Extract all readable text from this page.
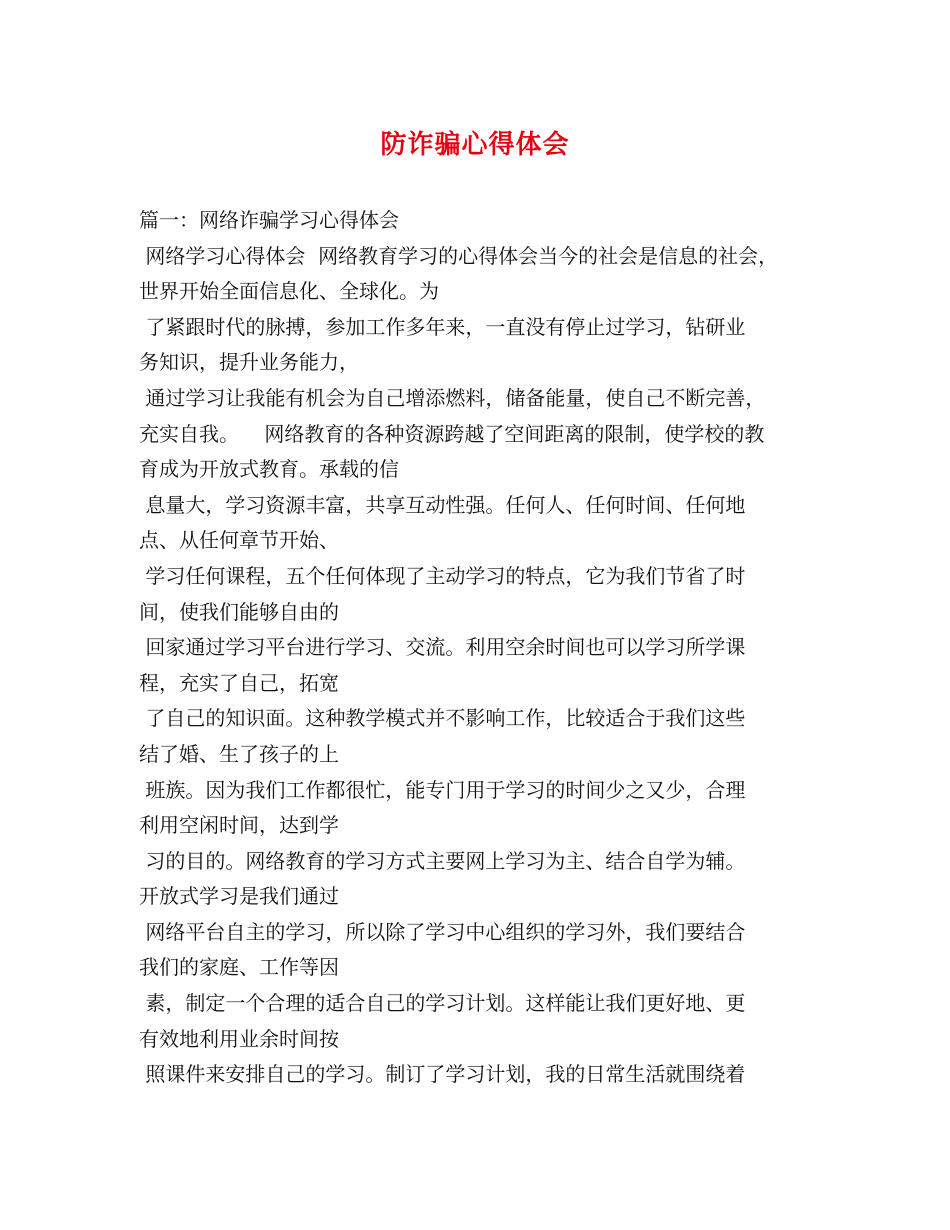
防诈骗心得体会
篇一：网络诈骗学习心得体会
网络学习心得体会  网络教育学习的心得体会当今的社会是信息的社会，
世界开始全面信息化、全球化。为
了紧跟时代的脉搏，参加工作多年来，一直没有停止过学习，钻研业
务知识，提升业务能力，
通过学习让我能有机会为自己增添燃料，储备能量，使自己不断完善，
充实自我。    网络教育的各种资源跨越了空间距离的限制，使学校的教
育成为开放式教育。承载的信
息量大，学习资源丰富，共享互动性强。任何人、任何时间、任何地
点、从任何章节开始、
学习任何课程，五个任何体现了主动学习的特点，它为我们节省了时
间，使我们能够自由的
回家通过学习平台进行学习、交流。利用空余时间也可以学习所学课
程，充实了自己，拓宽
了自己的知识面。这种教学模式并不影响工作，比较适合于我们这些
结了婚、生了孩子的上
班族。因为我们工作都很忙，能专门用于学习的时间少之又少，合理
利用空闲时间，达到学
习的目的。网络教育的学习方式主要网上学习为主、结合自学为辅。
开放式学习是我们通过
网络平台自主的学习，所以除了学习中心组织的学习外，我们要结合
我们的家庭、工作等因
素，制定一个合理的适合自己的学习计划。这样能让我们更好地、更
有效地利用业余时间按
照课件来安排自己的学习。制订了学习计划，我的日常生活就围绕着
